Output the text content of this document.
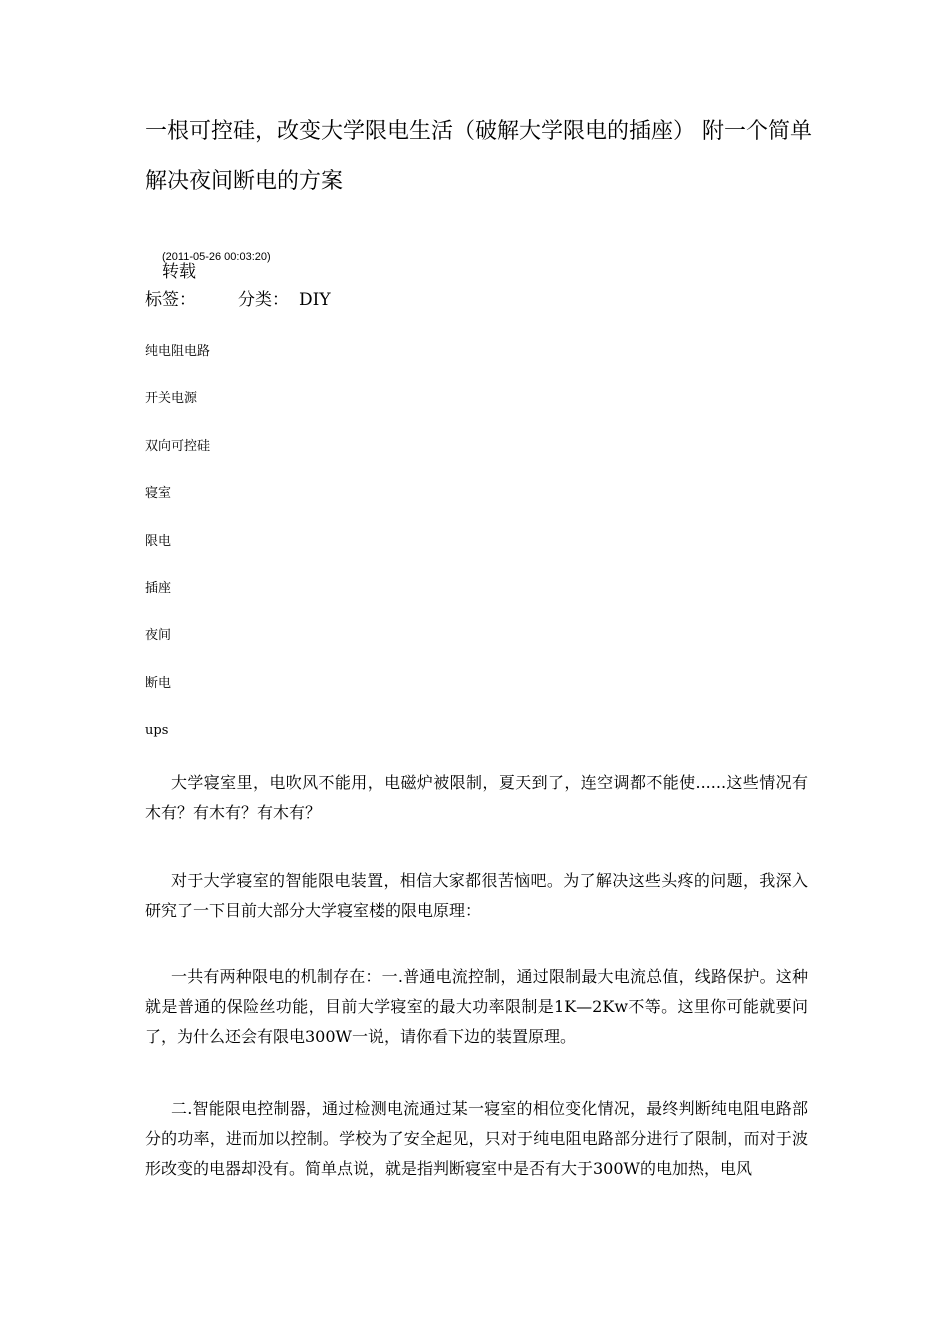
一根可控硅，改变大学限电生活（破解大学限电的插座） 附一个简单
解决夜间断电的方案
(2011-05-26 00:03:20)
转载
标签： 分类： DIY
纯电阻电路
开关电源
双向可控硅
寝室
限电
插座
夜间
断电
ups

大学寝室里，电吹风不能用，电磁炉被限制，夏天到了，连空调都不能使......这些情况有木有？有木有？有木有？

对于大学寝室的智能限电装置，相信大家都很苦恼吧。为了解决这些头疼的问题，我深入研究了一下目前大部分大学寝室楼的限电原理：

一共有两种限电的机制存在：一.普通电流控制，通过限制最大电流总值，线路保护。这种就是普通的保险丝功能，目前大学寝室的最大功率限制是1K—2Kw不等。这里你可能就要问了，为什么还会有限电300W一说，请你看下边的装置原理。

二.智能限电控制器，通过检测电流通过某一寝室的相位变化情况，最终判断纯电阻电路部分的功率，进而加以控制。学校为了安全起见，只对于纯电阻电路部分进行了限制，而对于波形改变的电器却没有。简单点说，就是指判断寝室中是否有大于300W的电加热，电风
